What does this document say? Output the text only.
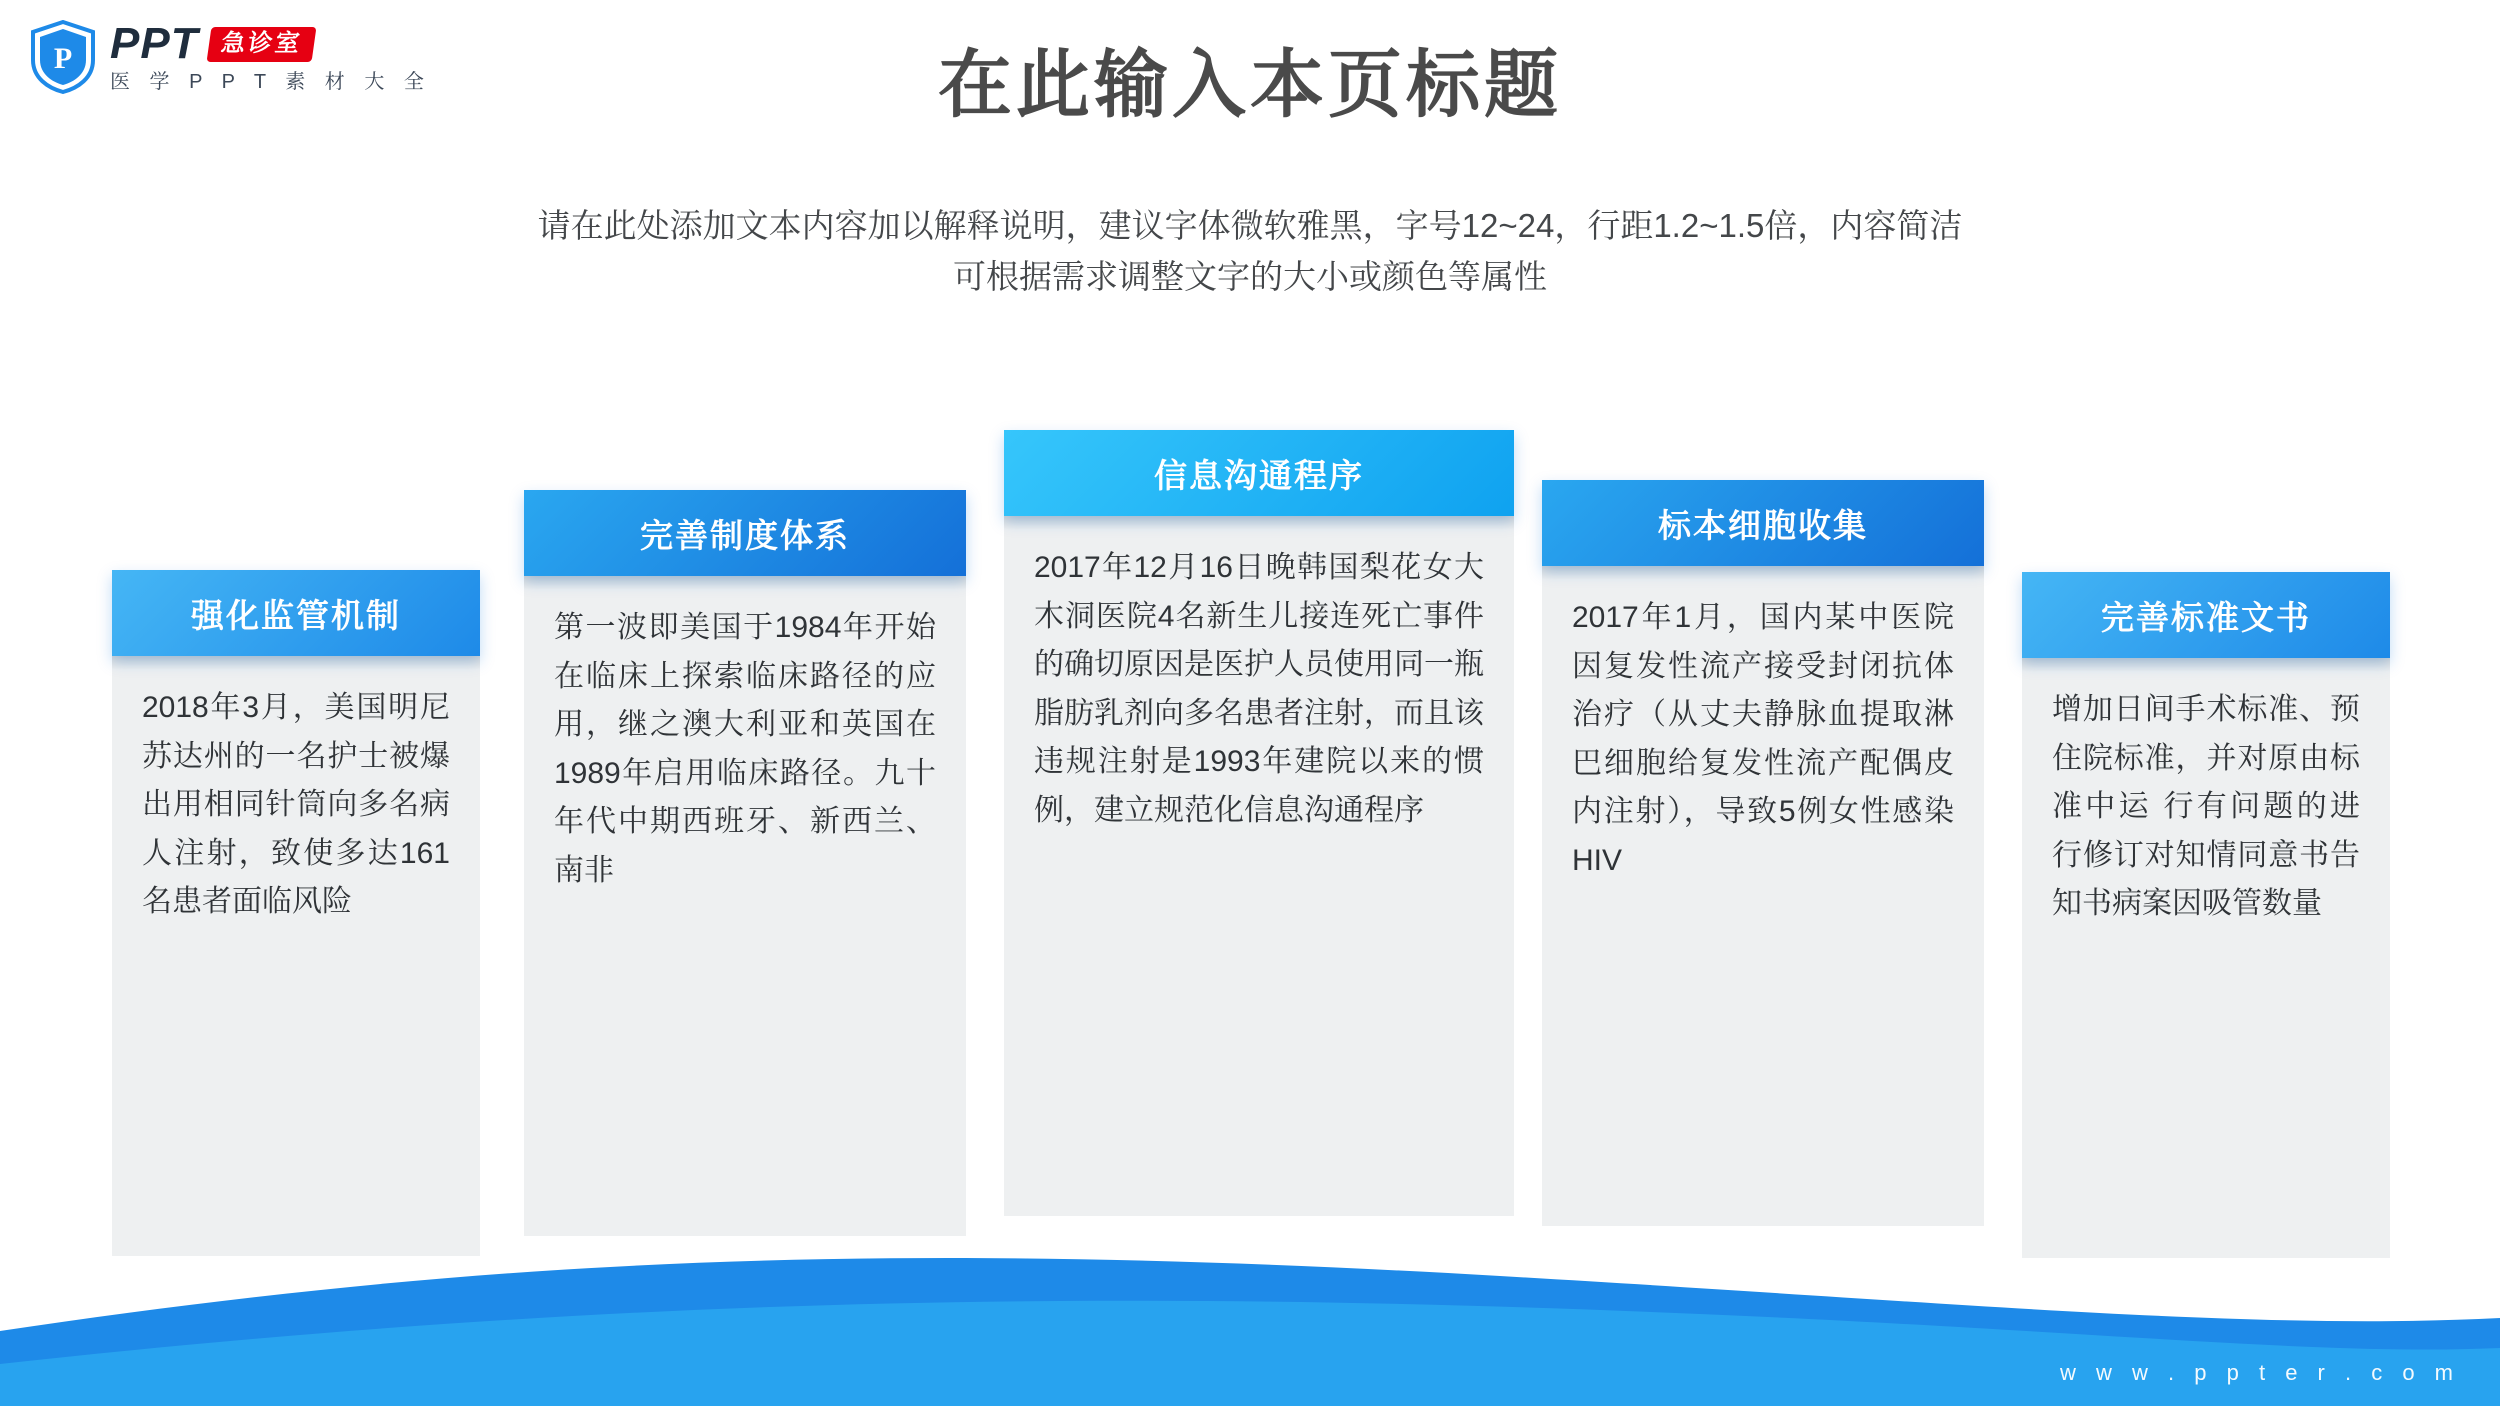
P PPT 急诊室
医 学 P P T 素 材 大 全	在此输入本页标题
请在此处添加文本内容加以解释说明，建议字体微软雅黑，字号12~24，行距1.2~1.5倍，内容简洁
可根据需求调整文字的大小或颜色等属性
强化监管机制
2018年3月，美国明尼苏达州的一名护士被爆出用相同针筒向多名病人注射，致使多达161名患者面临风险
完善制度体系
第一波即美国于1984年开始在临床上探索临床路径的应用，继之澳大利亚和英国在1989年启用临床路径。九十年代中期西班牙、新西兰、南非
信息沟通程序
2017年12月16日晚韩国梨花女大木洞医院4名新生儿接连死亡事件的确切原因是医护人员使用同一瓶脂肪乳剂向多名患者注射，而且该违规注射是1993年建院以来的惯例，建立规范化信息沟通程序
标本细胞收集
2017年1月，国内某中医院因复发性流产接受封闭抗体治疗（从丈夫静脉血提取淋巴细胞给复发性流产配偶皮内注射），导致5例女性感染HIV
完善标准文书
增加日间手术标准、预住院标准，并对原由标准中运 行有问题的进行修订对知情同意书告知书病案因吸管数量
w w w . p p t e r . c o m
